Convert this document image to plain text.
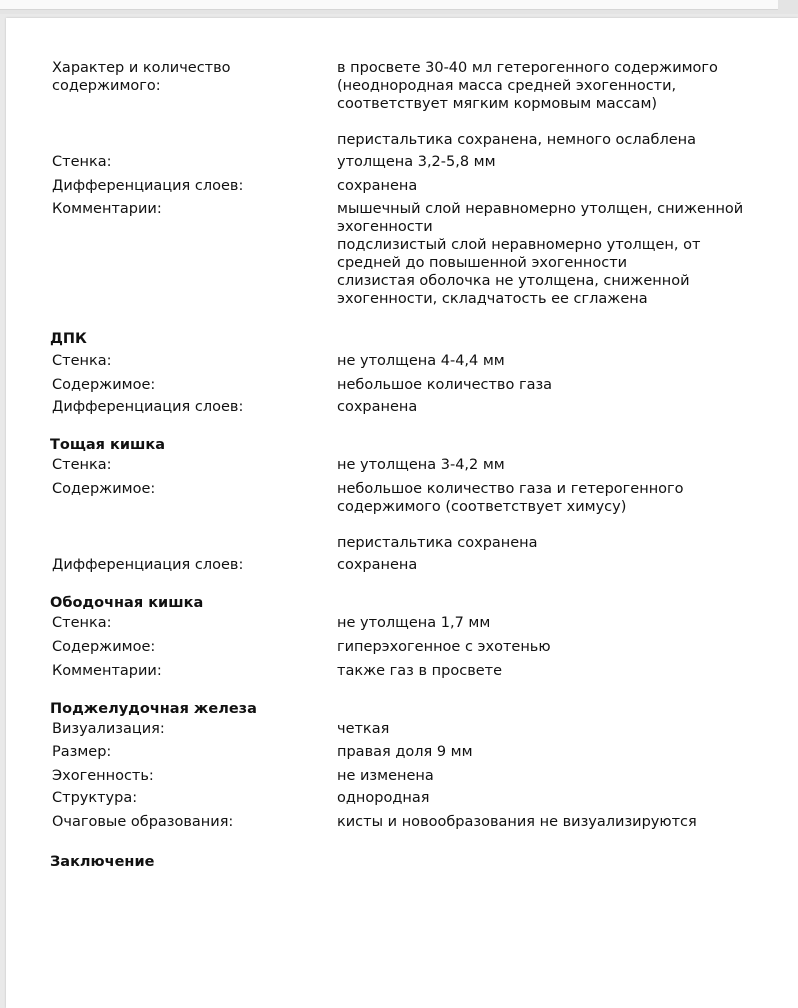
Характер и количество
содержимого:
в просвете 30-40 мл гетерогенного содержимого
(неоднородная масса средней эхогенности,
соответствует мягким кормовым массам)
перистальтика сохранена, немного ослаблена
Стенка:	утолщена 3,2-5,8 мм
Дифференциация слоев:	сохранена
Комментарии:	мышечный слой неравномерно утолщен, сниженной
эхогенности
подслизистый слой неравномерно утолщен, от
средней до повышенной эхогенности
слизистая оболочка не утолщена, сниженной
эхогенности, складчатость ее сглажена
ДПК
Стенка:	не утолщена 4-4,4 мм
Содержимое:	небольшое количество газа
Дифференциация слоев:	сохранена
Тощая кишка
Стенка:	не утолщена 3-4,2 мм
Содержимое:	небольшое количество газа и гетерогенного
содержимого (соответствует химусу)
перистальтика сохранена
Дифференциация слоев:	сохранена
Ободочная кишка
Стенка:	не утолщена 1,7 мм
Содержимое:	гиперэхогенное с эхотенью
Комментарии:	также газ в просвете
Поджелудочная железа
Визуализация:	четкая
Размер:	правая доля 9 мм
Эхогенность:	не изменена
Структура:	однородная
Очаговые образования:	кисты и новообразования не визуализируются
Заключение
